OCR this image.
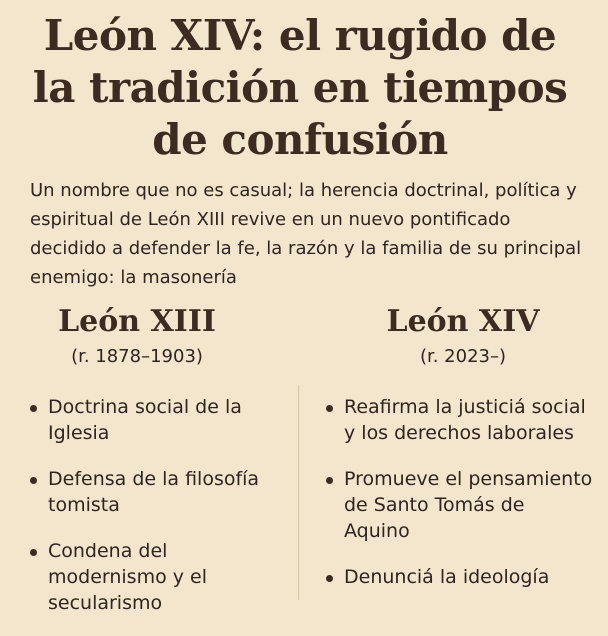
León XIV: el rugido de
la tradición en tiempos
de confusión

Un nombre que no es casual; la herencia doctrinal, política y espiritual de León XIII revive en un nuevo pontificado decidido a defender la fe, la razón y la familia de su principal enemigo: la masonería

León XIII

(r. 1878–1903)

Doctrina social de la Iglesia
Defensa de la filosofía tomista
Condena del modernismo y el secularismo

León XIV

(r. 2023–)

Reafirma la justiciá social y los derechos laborales
Promueve el pensamiento de Santo Tomás de Aquino
Denunciá la ideología
